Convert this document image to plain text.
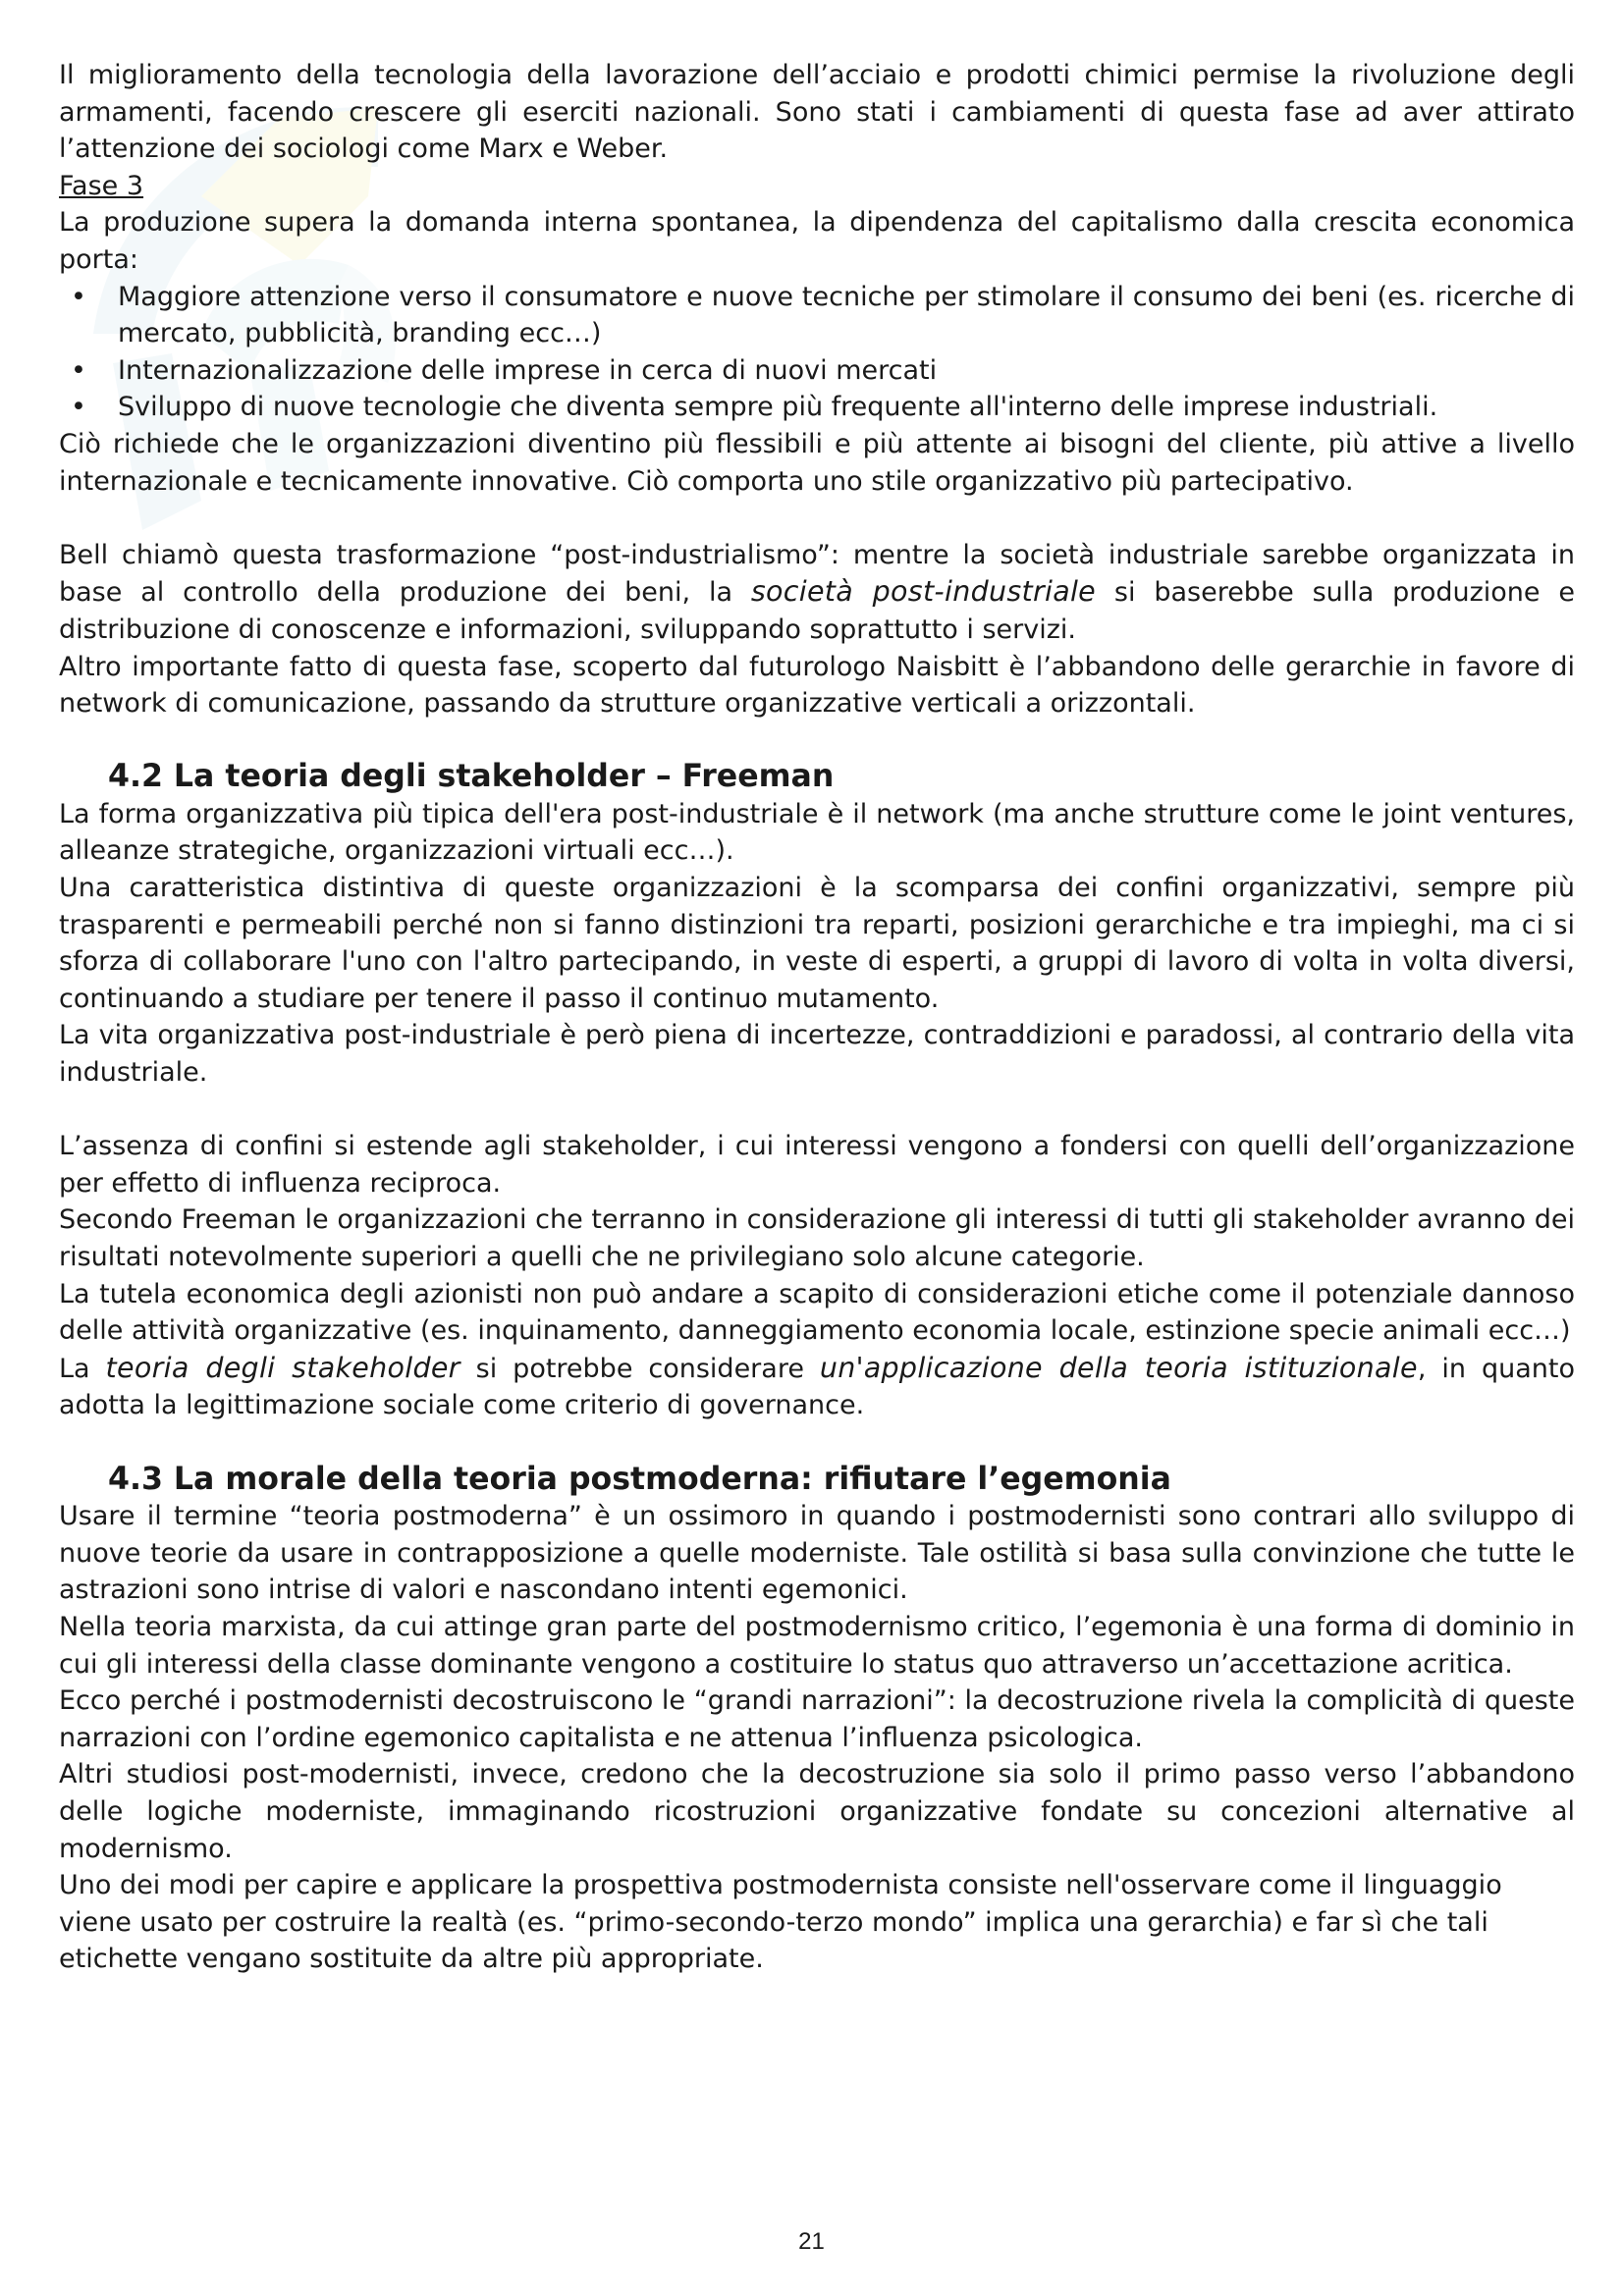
Il miglioramento della tecnologia della lavorazione dell’acciaio e prodotti chimici permise la rivoluzione degli armamenti, facendo crescere gli eserciti nazionali. Sono stati i cambiamenti di questa fase ad aver attirato l’attenzione dei sociologi come Marx e Weber.

Fase 3

La produzione supera la domanda interna spontanea, la dipendenza del capitalismo dalla crescita economica porta:

• Maggiore attenzione verso il consumatore e nuove tecniche per stimolare il consumo dei beni (es. ricerche di mercato, pubblicità, branding ecc…)
• Internazionalizzazione delle imprese in cerca di nuovi mercati
• Sviluppo di nuove tecnologie che diventa sempre più frequente all'interno delle imprese industriali.

Ciò richiede che le organizzazioni diventino più flessibili e più attente ai bisogni del cliente, più attive a livello internazionale e tecnicamente innovative. Ciò comporta uno stile organizzativo più partecipativo.

Bell chiamò questa trasformazione “post-industrialismo”: mentre la società industriale sarebbe organizzata in base al controllo della produzione dei beni, la società post-industriale si baserebbe sulla produzione e distribuzione di conoscenze e informazioni, sviluppando soprattutto i servizi.

Altro importante fatto di questa fase, scoperto dal futurologo Naisbitt è l’abbandono delle gerarchie in favore di network di comunicazione, passando da strutture organizzative verticali a orizzontali.

4.2 La teoria degli stakeholder – Freeman

La forma organizzativa più tipica dell'era post-industriale è il network (ma anche strutture come le joint ventures, alleanze strategiche, organizzazioni virtuali ecc…).

Una caratteristica distintiva di queste organizzazioni è la scomparsa dei confini organizzativi, sempre più trasparenti e permeabili perché non si fanno distinzioni tra reparti, posizioni gerarchiche e tra impieghi, ma ci si sforza di collaborare l'uno con l'altro partecipando, in veste di esperti, a gruppi di lavoro di volta in volta diversi, continuando a studiare per tenere il passo il continuo mutamento.

La vita organizzativa post-industriale è però piena di incertezze, contraddizioni e paradossi, al contrario della vita industriale.

L’assenza di confini si estende agli stakeholder, i cui interessi vengono a fondersi con quelli dell’organizzazione per effetto di influenza reciproca.

Secondo Freeman le organizzazioni che terranno in considerazione gli interessi di tutti gli stakeholder avranno dei risultati notevolmente superiori a quelli che ne privilegiano solo alcune categorie.

La tutela economica degli azionisti non può andare a scapito di considerazioni etiche come il potenziale dannoso delle attività organizzative (es. inquinamento, danneggiamento economia locale, estinzione specie animali ecc…)

La teoria degli stakeholder si potrebbe considerare un'applicazione della teoria istituzionale, in quanto adotta la legittimazione sociale come criterio di governance.

4.3 La morale della teoria postmoderna: rifiutare l’egemonia

Usare il termine “teoria postmoderna” è un ossimoro in quando i postmodernisti sono contrari allo sviluppo di nuove teorie da usare in contrapposizione a quelle moderniste. Tale ostilità si basa sulla convinzione che tutte le astrazioni sono intrise di valori e nascondano intenti egemonici.

Nella teoria marxista, da cui attinge gran parte del postmodernismo critico, l’egemonia è una forma di dominio in cui gli interessi della classe dominante vengono a costituire lo status quo attraverso un’accettazione acritica.

Ecco perché i postmodernisti decostruiscono le “grandi narrazioni”: la decostruzione rivela la complicità di queste narrazioni con l’ordine egemonico capitalista e ne attenua l’influenza psicologica.

Altri studiosi post-modernisti, invece, credono che la decostruzione sia solo il primo passo verso l’abbandono delle logiche moderniste, immaginando ricostruzioni organizzative fondate su concezioni alternative al modernismo.

Uno dei modi per capire e applicare la prospettiva postmodernista consiste nell'osservare come il linguaggio viene usato per costruire la realtà (es. “primo-secondo-terzo mondo” implica una gerarchia) e far sì che tali etichette vengano sostituite da altre più appropriate.

21
